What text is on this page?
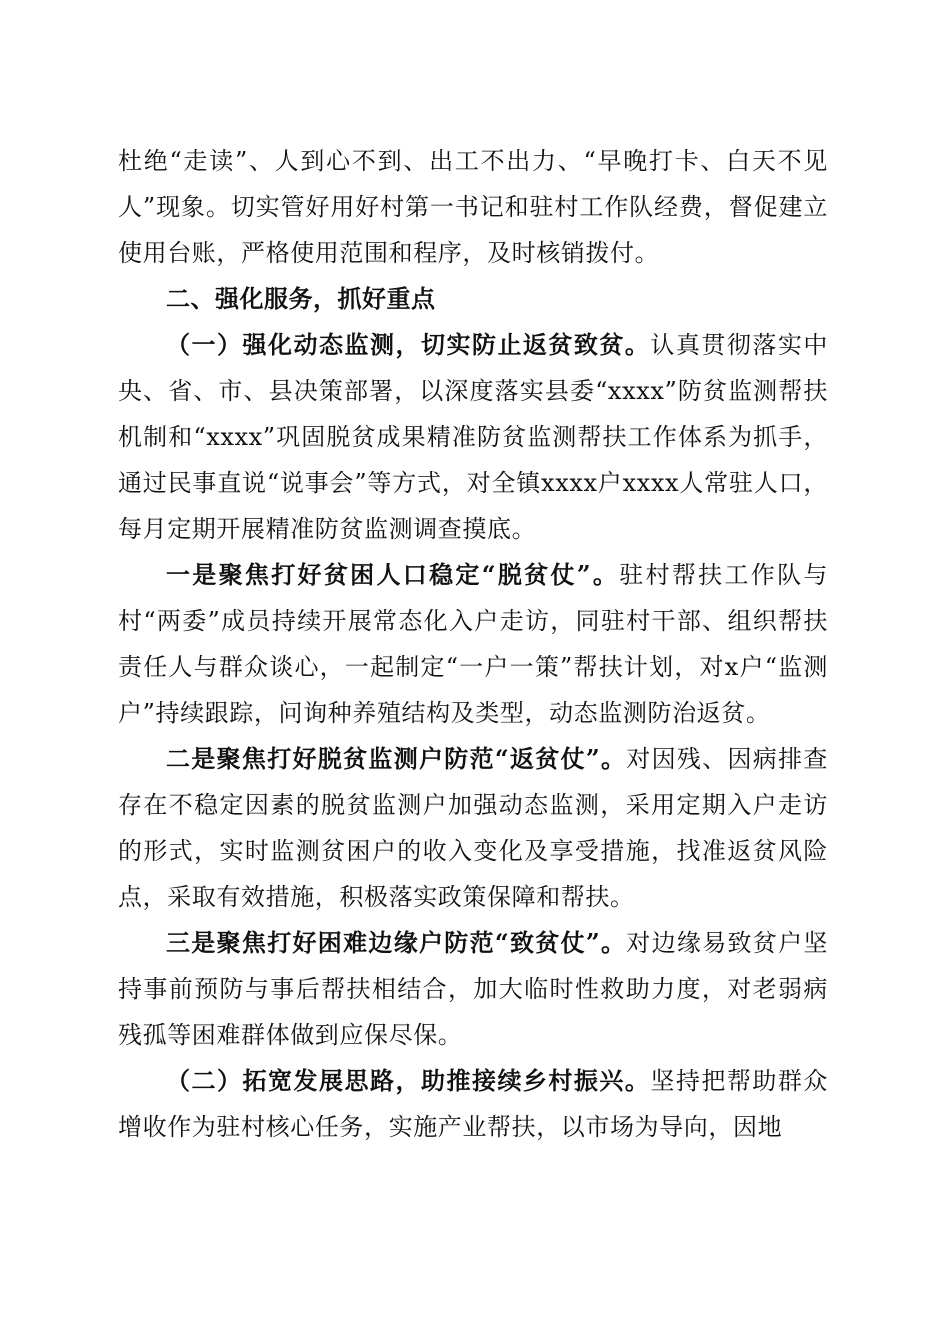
杜绝“走读”、人到心不到、出工不出力、“早晚打卡、白天不见人”现象。切实管好用好村第一书记和驻村工作队经费，督促建立使用台账，严格使用范围和程序，及时核销拨付。

二、强化服务，抓好重点

（一）强化动态监测，切实防止返贫致贫。认真贯彻落实中央、省、市、县决策部署，以深度落实县委“xxxx”防贫监测帮扶机制和“xxxx”巩固脱贫成果精准防贫监测帮扶工作体系为抓手，通过民事直说“说事会”等方式，对全镇xxxx户xxxx人常驻人口，每月定期开展精准防贫监测调查摸底。

一是聚焦打好贫困人口稳定“脱贫仗”。驻村帮扶工作队与村“两委”成员持续开展常态化入户走访，同驻村干部、组织帮扶责任人与群众谈心，一起制定“一户一策”帮扶计划，对x户“监测户”持续跟踪，问询种养殖结构及类型，动态监测防治返贫。

二是聚焦打好脱贫监测户防范“返贫仗”。对因残、因病排查存在不稳定因素的脱贫监测户加强动态监测，采用定期入户走访的形式，实时监测贫困户的收入变化及享受措施，找准返贫风险点，采取有效措施，积极落实政策保障和帮扶。

三是聚焦打好困难边缘户防范“致贫仗”。对边缘易致贫户坚持事前预防与事后帮扶相结合，加大临时性救助力度，对老弱病残孤等困难群体做到应保尽保。

（二）拓宽发展思路，助推接续乡村振兴。坚持把帮助群众增收作为驻村核心任务，实施产业帮扶，以市场为导向，因地
